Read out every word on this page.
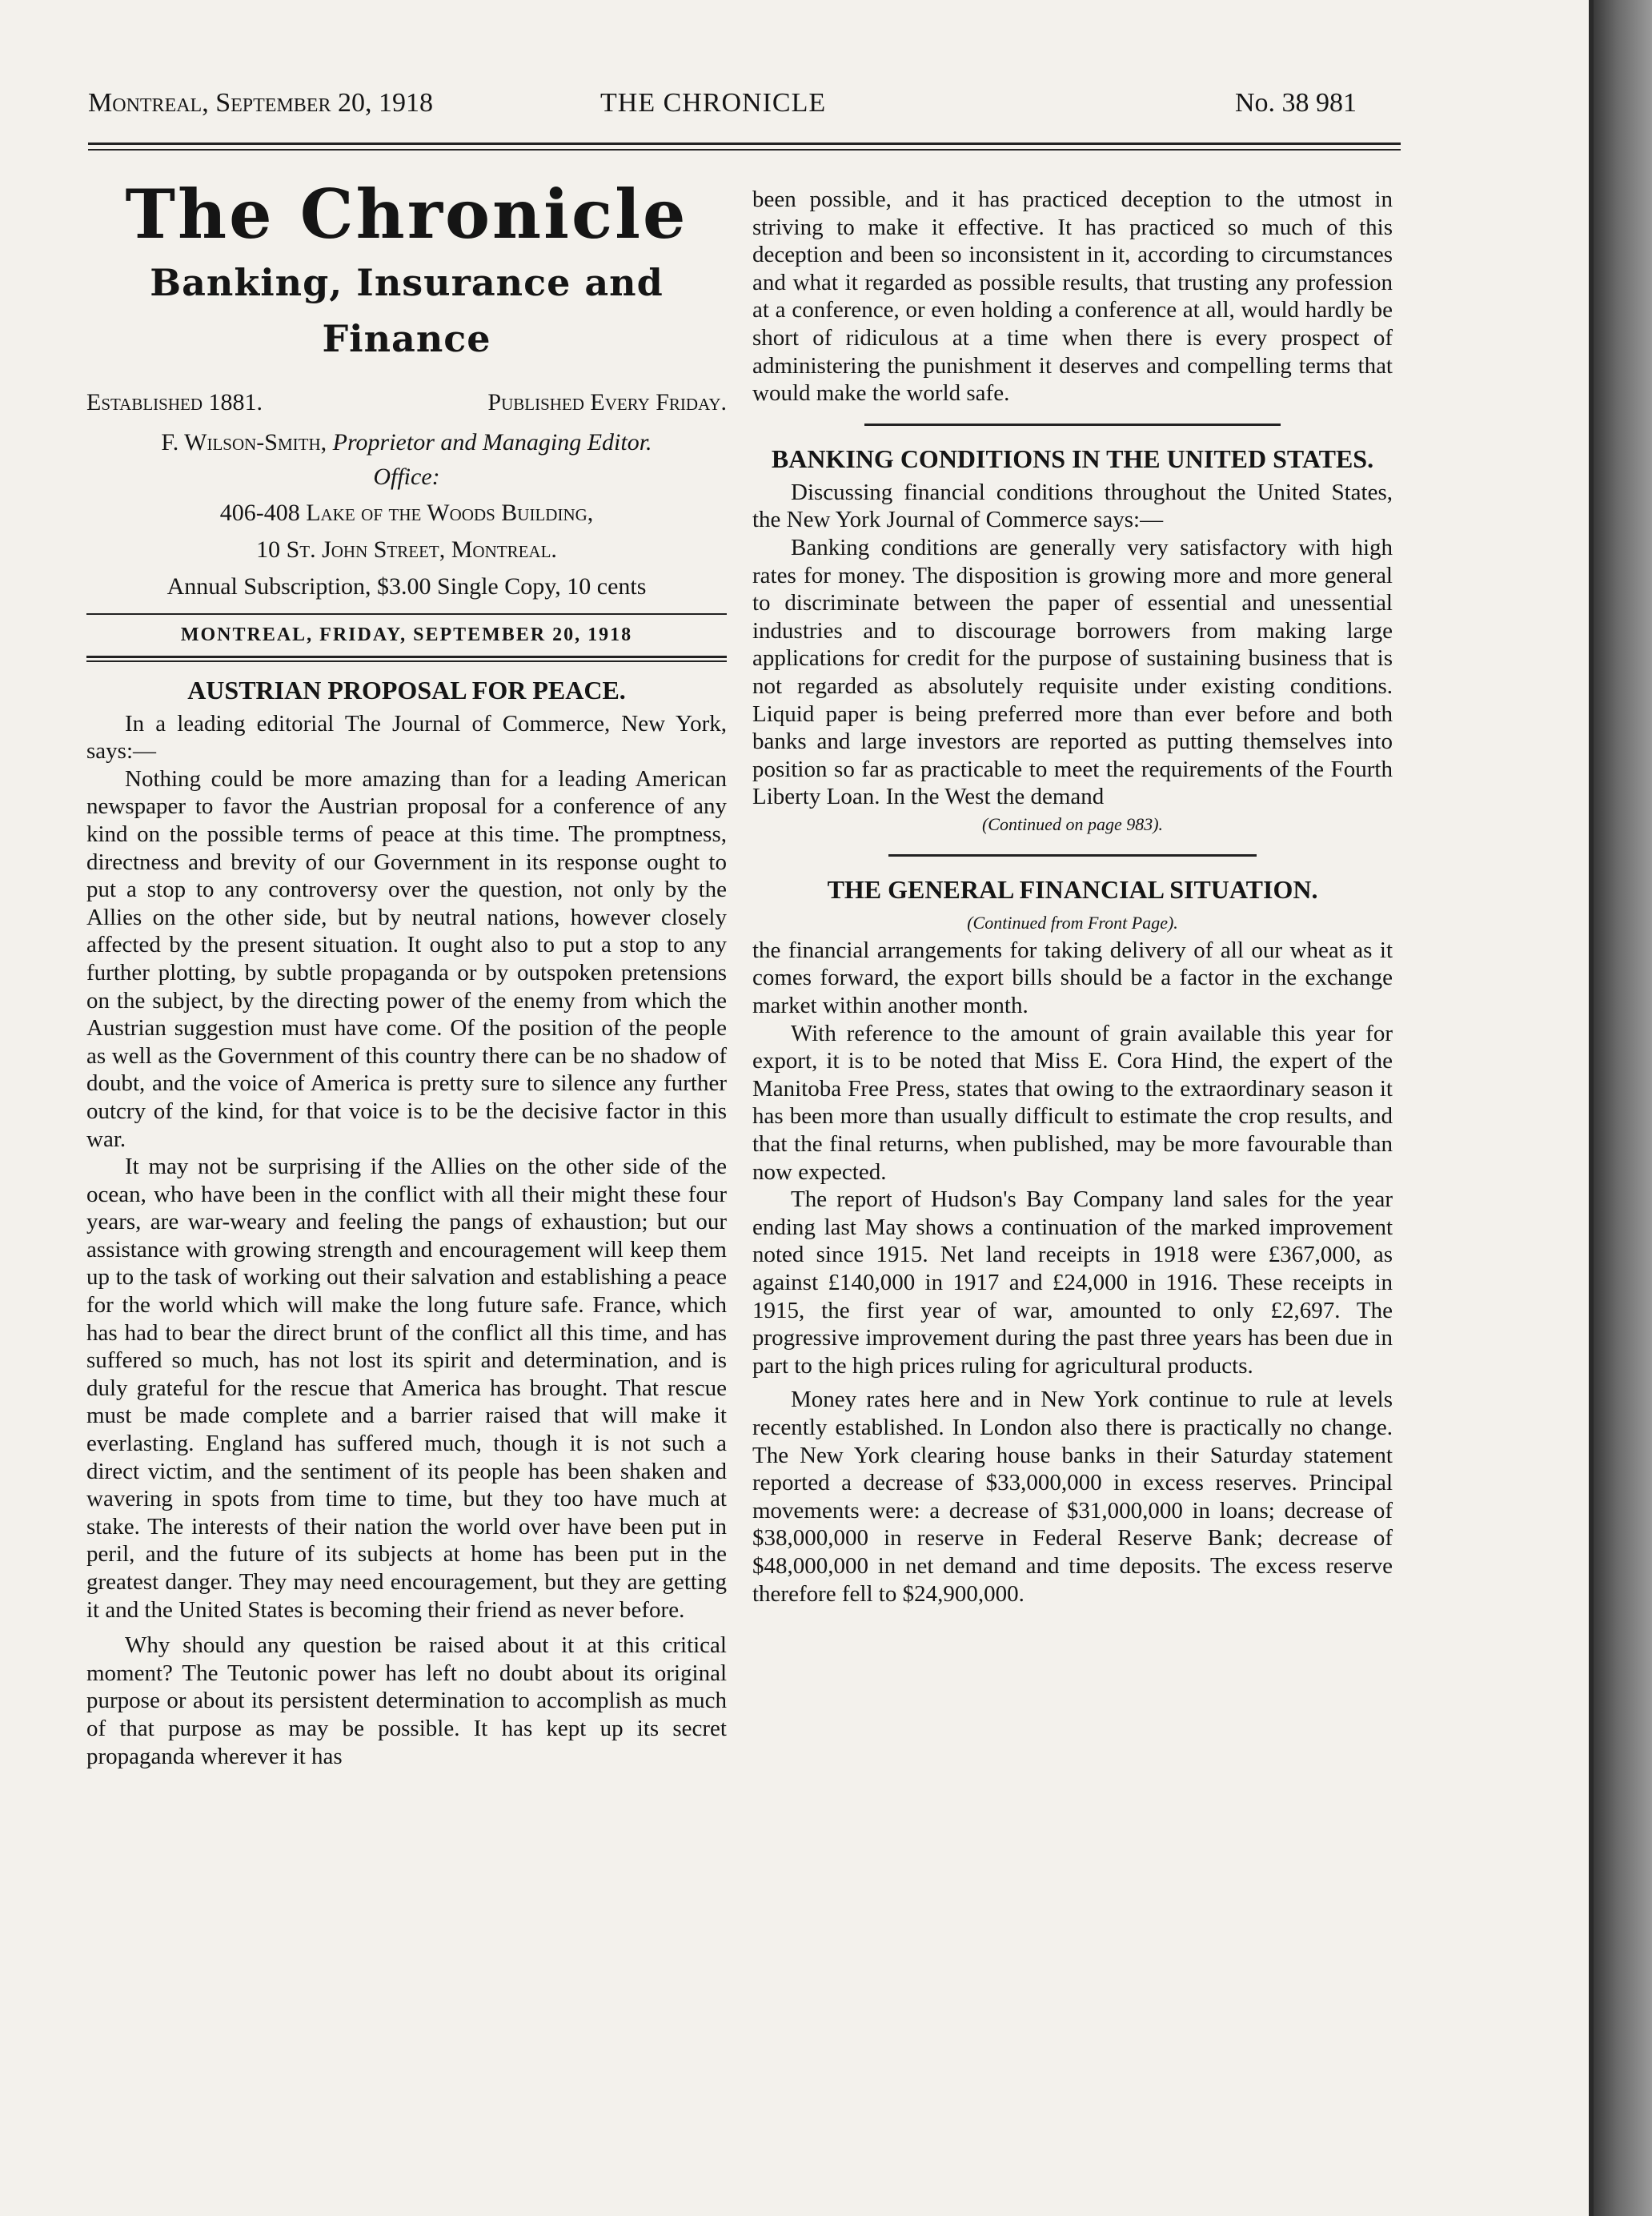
Montreal, September 20, 1918	THE CHRONICLE	No. 38 981
The Chronicle
Banking, Insurance and Finance
Established 1881.	Published Every Friday.
F. Wilson-Smith, Proprietor and Managing Editor.
Office:
406-408 Lake of the Woods Building,
10 St. John Street, Montreal.
Annual Subscription, $3.00 Single Copy, 10 cents
MONTREAL, FRIDAY, SEPTEMBER 20, 1918
AUSTRIAN PROPOSAL FOR PEACE.

In a leading editorial The Journal of Commerce, New York, says:—

Nothing could be more amazing than for a leading American newspaper to favor the Austrian proposal for a conference of any kind on the possible terms of peace at this time. The promptness, directness and brevity of our Government in its response ought to put a stop to any controversy over the question, not only by the Allies on the other side, but by neutral nations, however closely affected by the present situation. It ought also to put a stop to any further plotting, by subtle propaganda or by outspoken pretensions on the subject, by the directing power of the enemy from which the Austrian suggestion must have come. Of the position of the people as well as the Government of this country there can be no shadow of doubt, and the voice of America is pretty sure to silence any further outcry of the kind, for that voice is to be the decisive factor in this war.

It may not be surprising if the Allies on the other side of the ocean, who have been in the conflict with all their might these four years, are war-weary and feeling the pangs of exhaustion; but our assistance with growing strength and encouragement will keep them up to the task of working out their salvation and establishing a peace for the world which will make the long future safe. France, which has had to bear the direct brunt of the conflict all this time, and has suffered so much, has not lost its spirit and determination, and is duly grateful for the rescue that America has brought. That rescue must be made complete and a barrier raised that will make it everlasting. England has suffered much, though it is not such a direct victim, and the sentiment of its people has been shaken and wavering in spots from time to time, but they too have much at stake. The interests of their nation the world over have been put in peril, and the future of its subjects at home has been put in the greatest danger. They may need encouragement, but they are getting it and the United States is becoming their friend as never before.

Why should any question be raised about it at this critical moment? The Teutonic power has left no doubt about its original purpose or about its persistent determination to accomplish as much of that purpose as may be possible. It has kept up its secret propaganda wherever it has

been possible, and it has practiced deception to the utmost in striving to make it effective. It has practiced so much of this deception and been so inconsistent in it, according to circumstances and what it regarded as possible results, that trusting any profession at a conference, or even holding a conference at all, would hardly be short of ridiculous at a time when there is every prospect of administering the punishment it deserves and compelling terms that would make the world safe.

BANKING CONDITIONS IN THE UNITED STATES.

Discussing financial conditions throughout the United States, the New York Journal of Commerce says:—

Banking conditions are generally very satisfactory with high rates for money. The disposition is growing more and more general to discriminate between the paper of essential and unessential industries and to discourage borrowers from making large applications for credit for the purpose of sustaining business that is not regarded as absolutely requisite under existing conditions. Liquid paper is being preferred more than ever before and both banks and large investors are reported as putting themselves into position so far as practicable to meet the requirements of the Fourth Liberty Loan. In the West the demand

(Continued on page 983).
THE GENERAL FINANCIAL SITUATION.
(Continued from Front Page).

the financial arrangements for taking delivery of all our wheat as it comes forward, the export bills should be a factor in the exchange market within another month.

With reference to the amount of grain available this year for export, it is to be noted that Miss E. Cora Hind, the expert of the Manitoba Free Press, states that owing to the extraordinary season it has been more than usually difficult to estimate the crop results, and that the final returns, when published, may be more favourable than now expected.

The report of Hudson's Bay Company land sales for the year ending last May shows a continuation of the marked improvement noted since 1915. Net land receipts in 1918 were £367,000, as against £140,000 in 1917 and £24,000 in 1916. These receipts in 1915, the first year of war, amounted to only £2,697. The progressive improvement during the past three years has been due in part to the high prices ruling for agricultural products.

Money rates here and in New York continue to rule at levels recently established. In London also there is practically no change. The New York clearing house banks in their Saturday statement reported a decrease of $33,000,000 in excess reserves. Principal movements were: a decrease of $31,000,000 in loans; decrease of $38,000,000 in reserve in Federal Reserve Bank; decrease of $48,000,000 in net demand and time deposits. The excess reserve therefore fell to $24,900,000.
